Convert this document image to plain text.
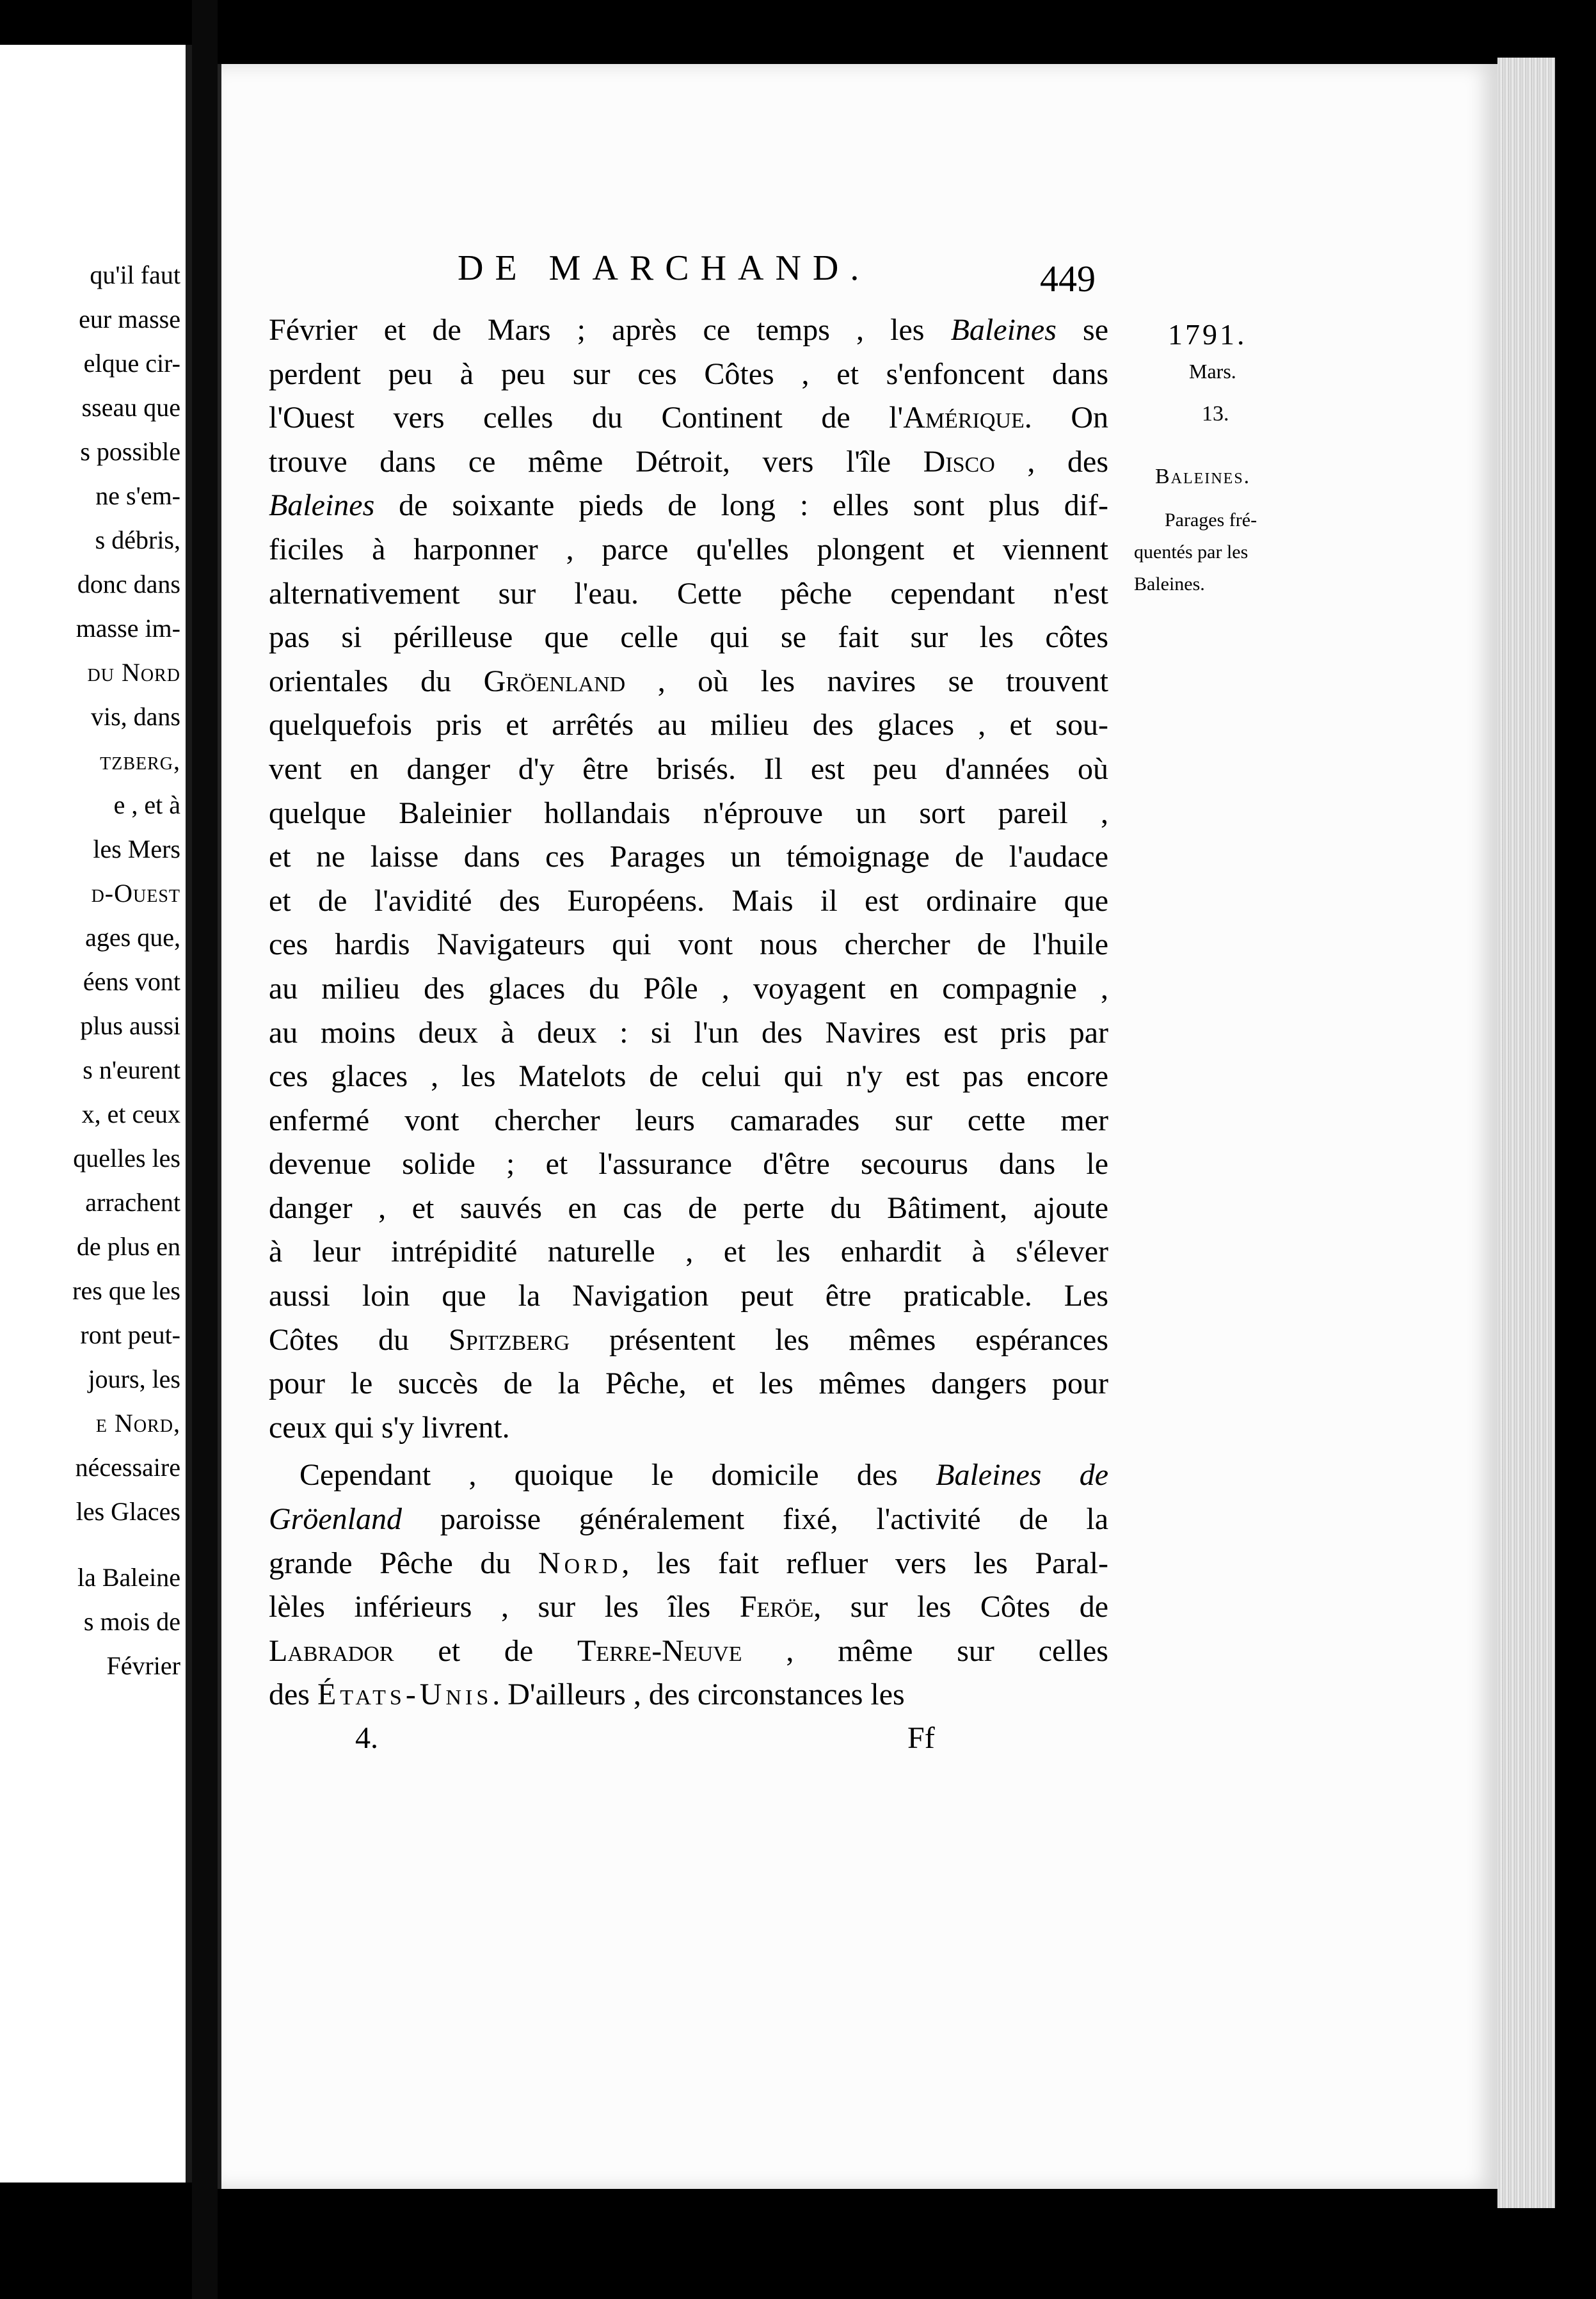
qu'il faut
eur masse
elque cir-
sseau que
s possible
ne s'em-
s débris,
donc dans
masse im-
du Nord
vis, dans
tzberg,
e , et à
les Mers
d-Ouest
ages que,
éens vont
plus aussi
s n'eurent
x, et ceux
quelles les
arrachent
de plus en
res que les
ront peut-
jours, les
e Nord,
nécessaire
les Glaces
la Baleine
s mois de
Février
DE MARCHAND.	449
Février et de Mars ; après ce temps , les Baleines se
perdent peu à peu sur ces Côtes , et s'enfoncent dans
l'Ouest vers celles du Continent de l'Amérique. On
trouve dans ce même Détroit, vers l'île Disco , des
Baleines de soixante pieds de long : elles sont plus dif-
ficiles à harponner , parce qu'elles plongent et viennent
alternativement sur l'eau. Cette pêche cependant n'est
pas si périlleuse que celle qui se fait sur les côtes
orientales du Gröenland , où les navires se trouvent
quelquefois pris et arrêtés au milieu des glaces , et sou-
vent en danger d'y être brisés. Il est peu d'années où
quelque Baleinier hollandais n'éprouve un sort pareil ,
et ne laisse dans ces Parages un témoignage de l'audace
et de l'avidité des Européens. Mais il est ordinaire que
ces hardis Navigateurs qui vont nous chercher de l'huile
au milieu des glaces du Pôle , voyagent en compagnie ,
au moins deux à deux : si l'un des Navires est pris par
ces glaces , les Matelots de celui qui n'y est pas encore
enfermé vont chercher leurs camarades sur cette mer
devenue solide ; et l'assurance d'être secourus dans le
danger , et sauvés en cas de perte du Bâtiment, ajoute
à leur intrépidité naturelle , et les enhardit à s'élever
aussi loin que la Navigation peut être praticable. Les
Côtes du Spitzberg présentent les mêmes espérances
pour le succès de la Pêche, et les mêmes dangers pour
ceux qui s'y livrent.
Cependant , quoique le domicile des Baleines de
Gröenland paroisse généralement fixé, l'activité de la
grande Pêche du Nord, les fait refluer vers les Paral-
lèles inférieurs , sur les îles Feröe, sur les Côtes de
Labrador et de Terre-Neuve , même sur celles
des États-Unis. D'ailleurs , des circonstances les
1791.
Mars.
13.
Baleines.
Parages fré-
quentés par les
Baleines.
4.	Ff
